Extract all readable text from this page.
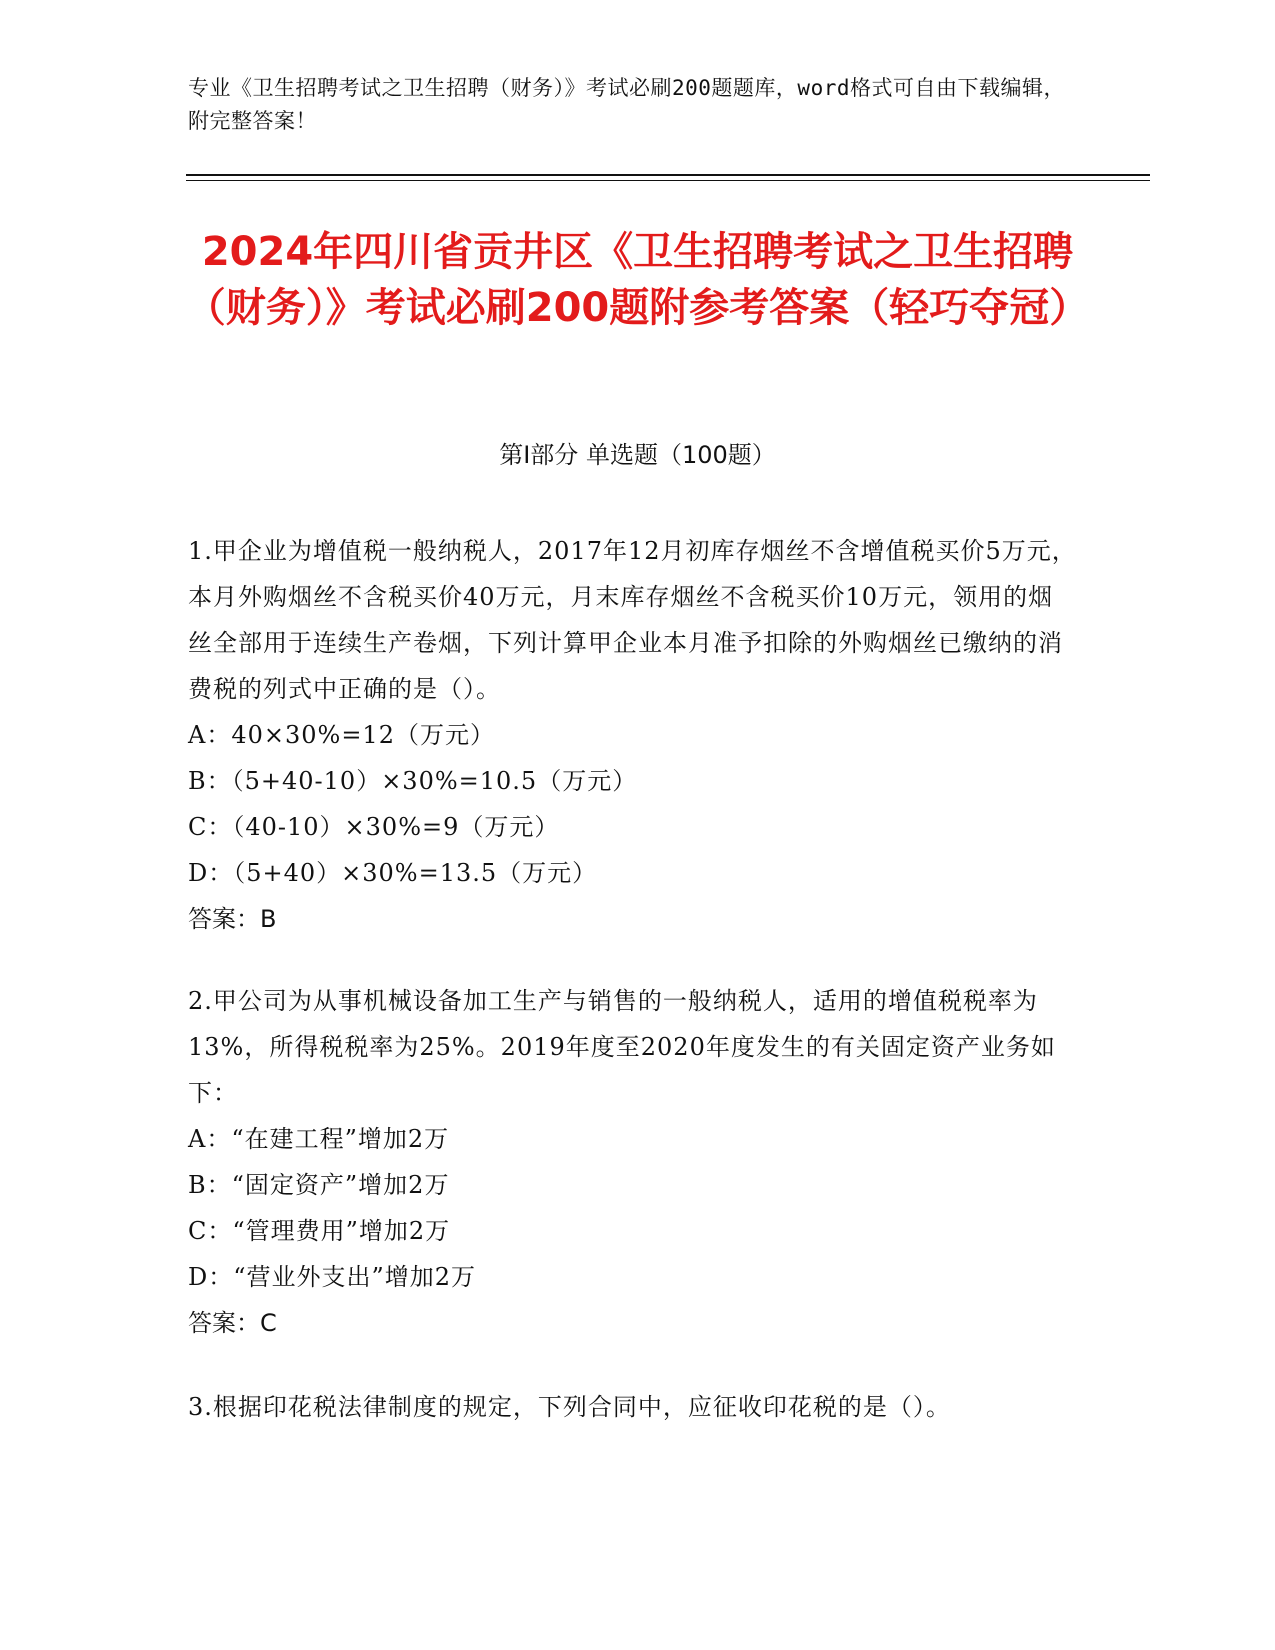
专业《卫生招聘考试之卫生招聘（财务）》考试必刷200题题库，word格式可自由下载编辑，附完整答案！
2024年四川省贡井区《卫生招聘考试之卫生招聘（财务）》考试必刷200题附参考答案（轻巧夺冠）
第Ⅰ部分 单选题（100题）
1.甲企业为增值税一般纳税人，2017年12月初库存烟丝不含增值税买价5万元，本月外购烟丝不含税买价40万元，月末库存烟丝不含税买价10万元，领用的烟丝全部用于连续生产卷烟，下列计算甲企业本月准予扣除的外购烟丝已缴纳的消费税的列式中正确的是（）。
A：40×30%=12（万元）
B：（5+40-10）×30%=10.5（万元）
C：（40-10）×30%=9（万元）
D：（5+40）×30%=13.5（万元）
答案：B
2.甲公司为从事机械设备加工生产与销售的一般纳税人，适用的增值税税率为13%，所得税税率为25%。2019年度至2020年度发生的有关固定资产业务如下：
A：“在建工程”增加2万
B：“固定资产”增加2万
C：“管理费用”增加2万
D：“营业外支出”增加2万
答案：C
3.根据印花税法律制度的规定，下列合同中，应征收印花税的是（）。
